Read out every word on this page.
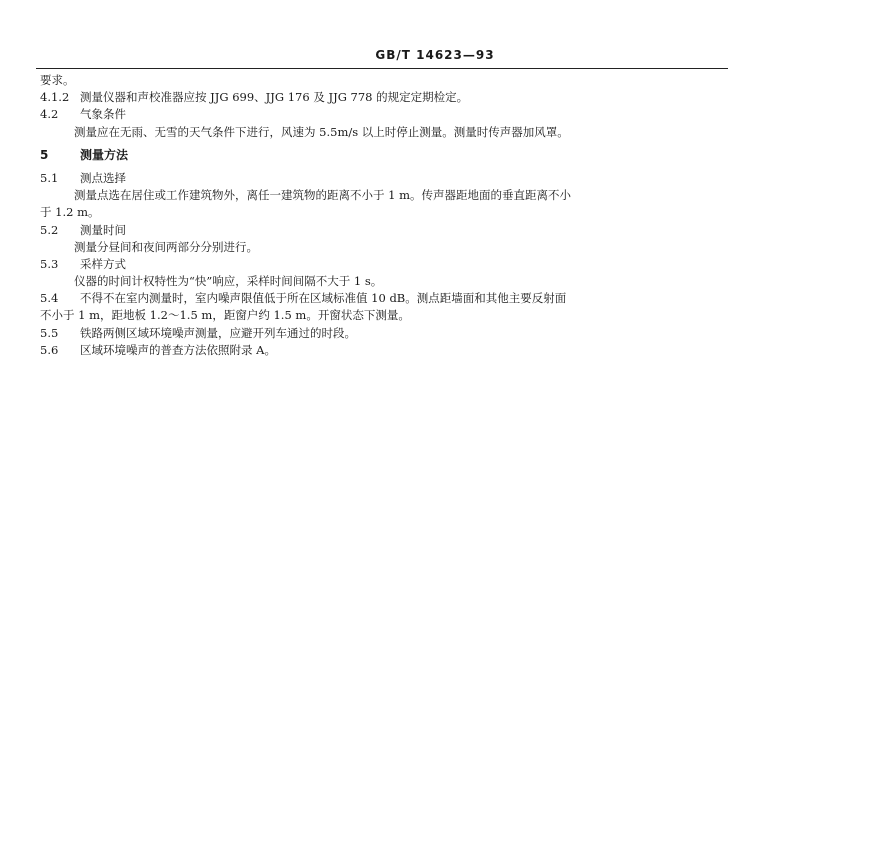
GB/T 14623—93
要求。
4.1.2 测量仪器和声校准器应按 JJG 699、JJG 176 及 JJG 778 的规定定期检定。
4.2 气象条件
测量应在无雨、无雪的天气条件下进行，风速为 5.5m/s 以上时停止测量。测量时传声器加风罩。
5	测量方法
5.1 测点选择
测量点选在居住或工作建筑物外，离任一建筑物的距离不小于 1 m。传声器距地面的垂直距离不小
于 1.2 m。
5.2 测量时间
测量分昼间和夜间两部分分别进行。
5.3 采样方式
仪器的时间计权特性为“快”响应，采样时间间隔不大于 1 s。
5.4 不得不在室内测量时，室内噪声限值低于所在区域标准值 10 dB。测点距墙面和其他主要反射面
不小于 1 m，距地板 1.2～1.5 m，距窗户约 1.5 m。开窗状态下测量。
5.5 铁路两侧区域环境噪声测量，应避开列车通过的时段。
5.6 区域环境噪声的普查方法依照附录 A。
